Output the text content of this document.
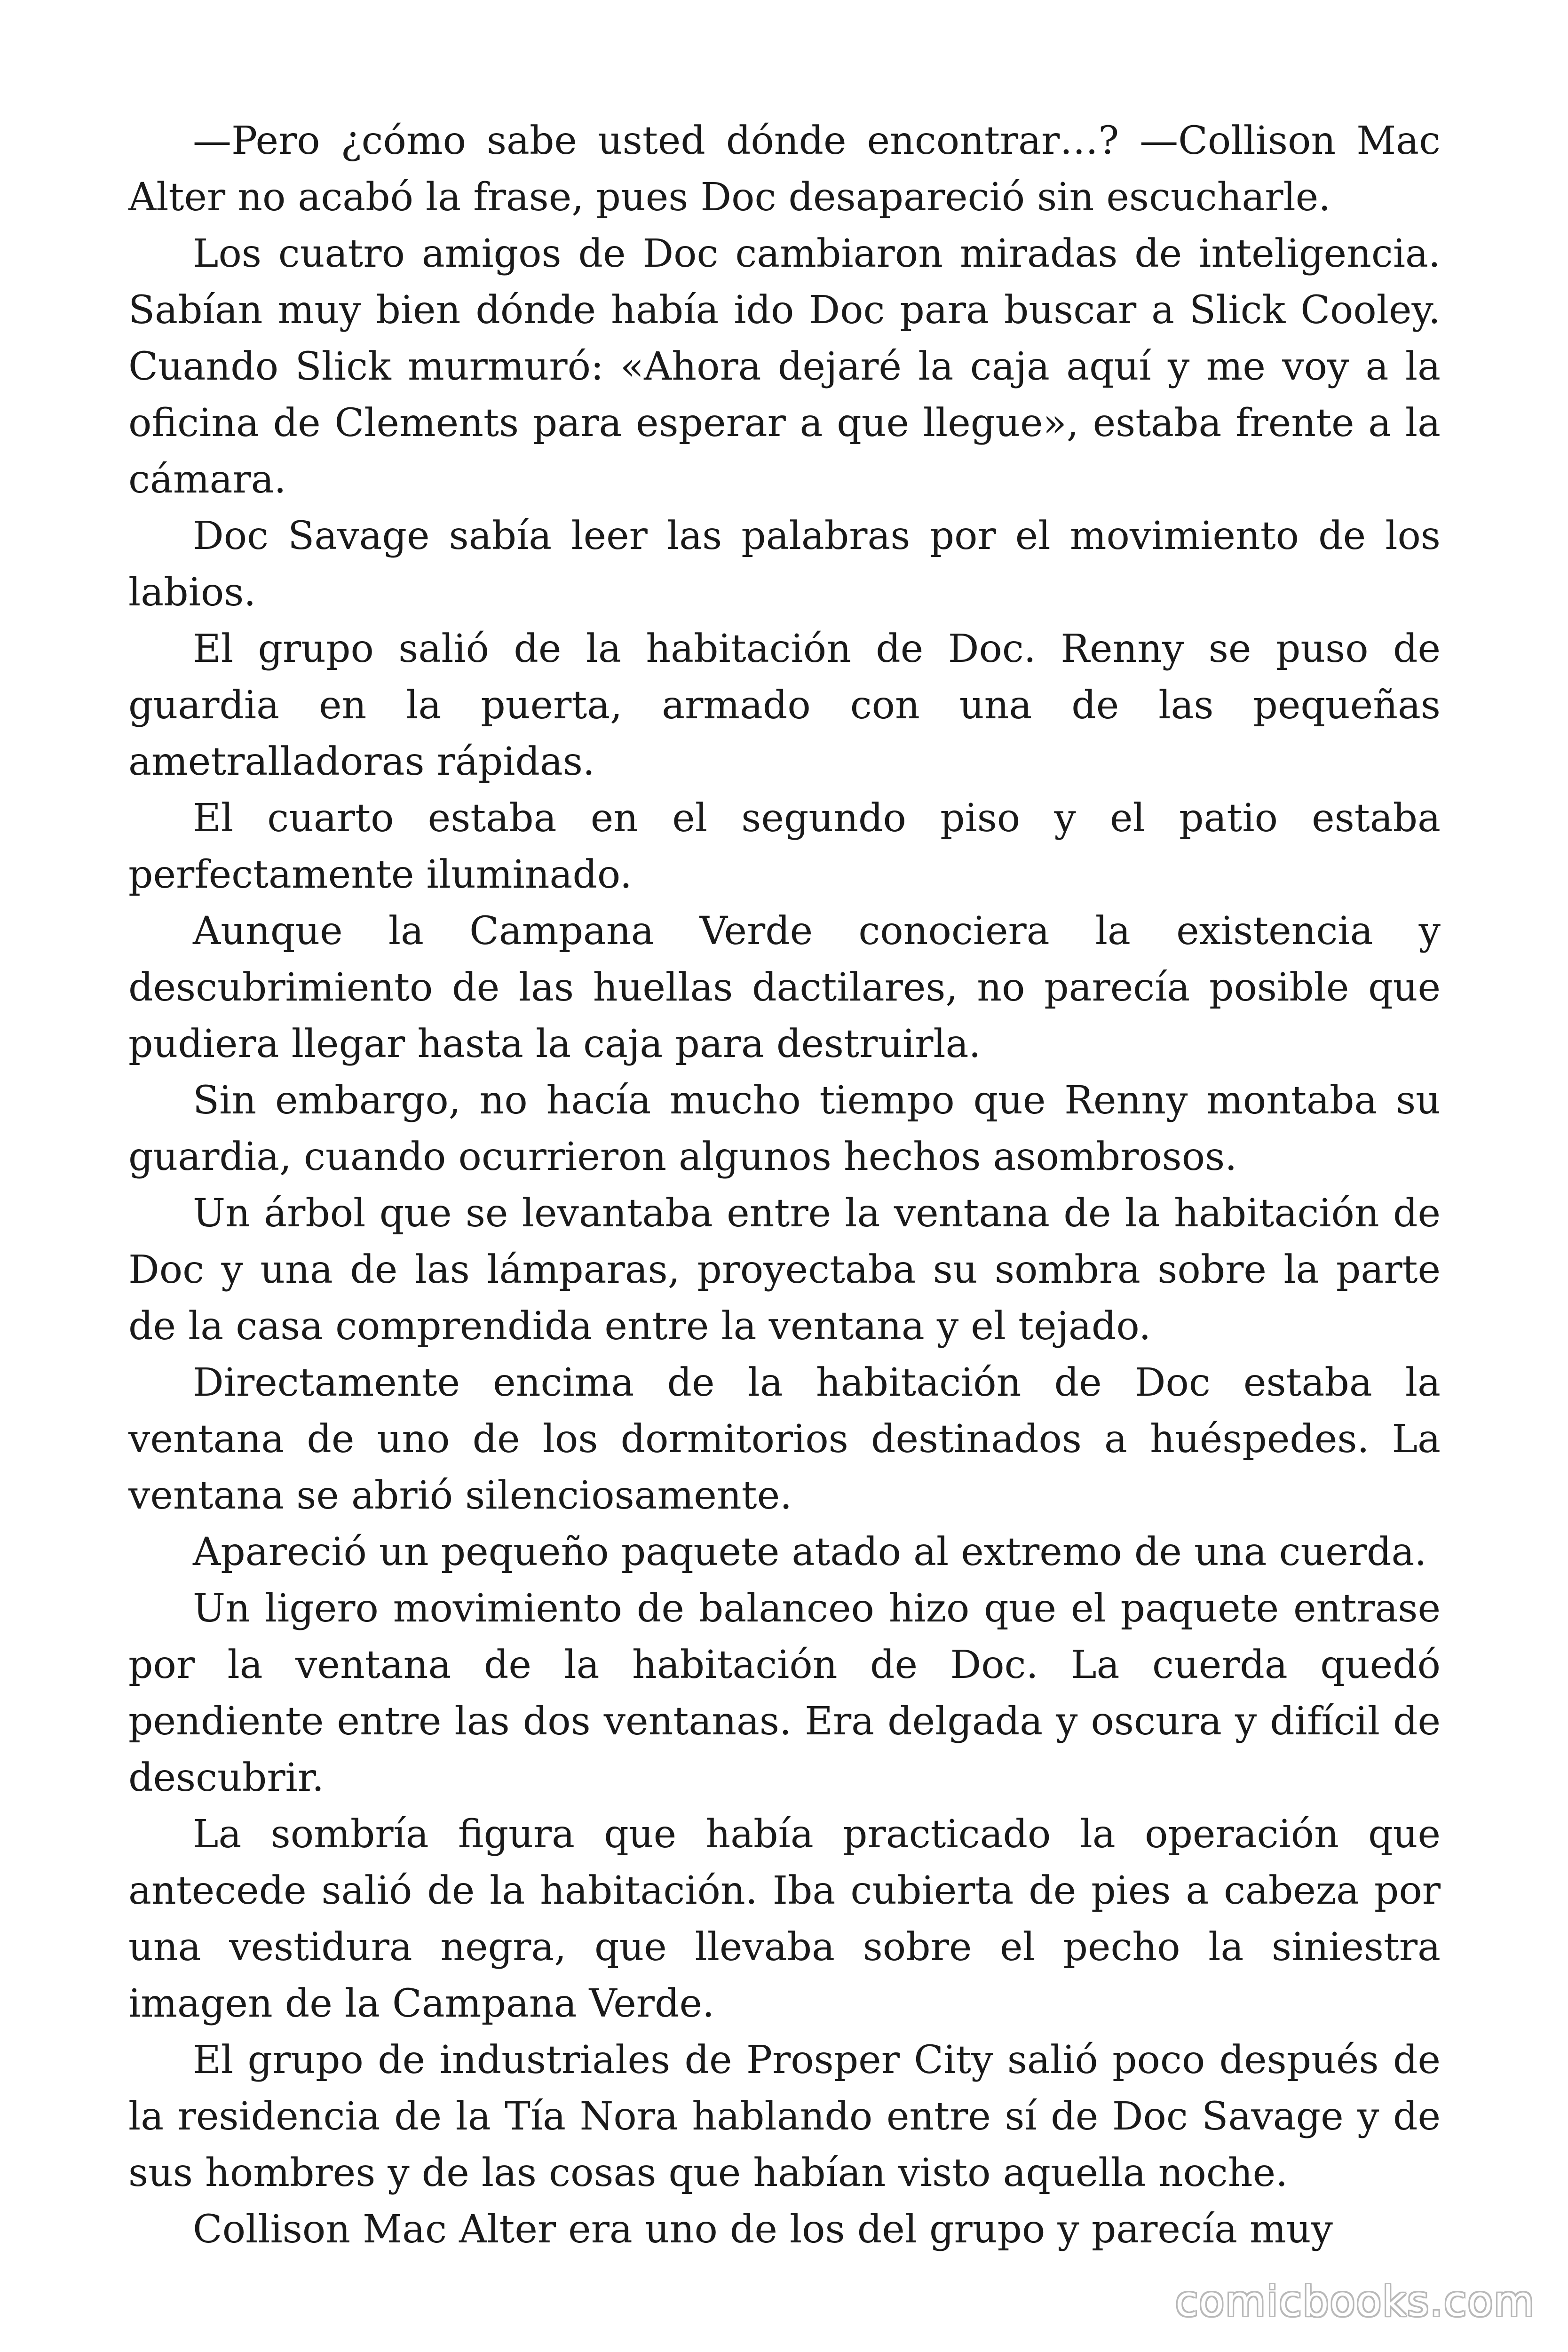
—Pero ¿cómo sabe usted dónde encontrar…? —Collison Mac Alter no acabó la frase, pues Doc desapareció sin escucharle.

Los cuatro amigos de Doc cambiaron miradas de inteligencia. Sabían muy bien dónde había ido Doc para buscar a Slick Cooley. Cuando Slick murmuró: «Ahora dejaré la caja aquí y me voy a la oficina de Clements para esperar a que llegue», estaba frente a la cámara.

Doc Savage sabía leer las palabras por el movimiento de los labios.

El grupo salió de la habitación de Doc. Renny se puso de guardia en la puerta, armado con una de las pequeñas ametralladoras rápidas.

El cuarto estaba en el segundo piso y el patio estaba perfectamente iluminado.

Aunque la Campana Verde conociera la existencia y descubrimiento de las huellas dactilares, no parecía posible que pudiera llegar hasta la caja para destruirla.

Sin embargo, no hacía mucho tiempo que Renny montaba su guardia, cuando ocurrieron algunos hechos asombrosos.

Un árbol que se levantaba entre la ventana de la habitación de Doc y una de las lámparas, proyectaba su sombra sobre la parte de la casa comprendida entre la ventana y el tejado.

Directamente encima de la habitación de Doc estaba la ventana de uno de los dormitorios destinados a huéspedes. La ventana se abrió silenciosamente.

Apareció un pequeño paquete atado al extremo de una cuerda.

Un ligero movimiento de balanceo hizo que el paquete entrase por la ventana de la habitación de Doc. La cuerda quedó pendiente entre las dos ventanas. Era delgada y oscura y difícil de descubrir.

La sombría figura que había practicado la operación que antecede salió de la habitación. Iba cubierta de pies a cabeza por una vestidura negra, que llevaba sobre el pecho la siniestra imagen de la Campana Verde.

El grupo de industriales de Prosper City salió poco después de la residencia de la Tía Nora hablando entre sí de Doc Savage y de sus hombres y de las cosas que habían visto aquella noche.

Collison Mac Alter era uno de los del grupo y parecía muy

comicbooks.com
